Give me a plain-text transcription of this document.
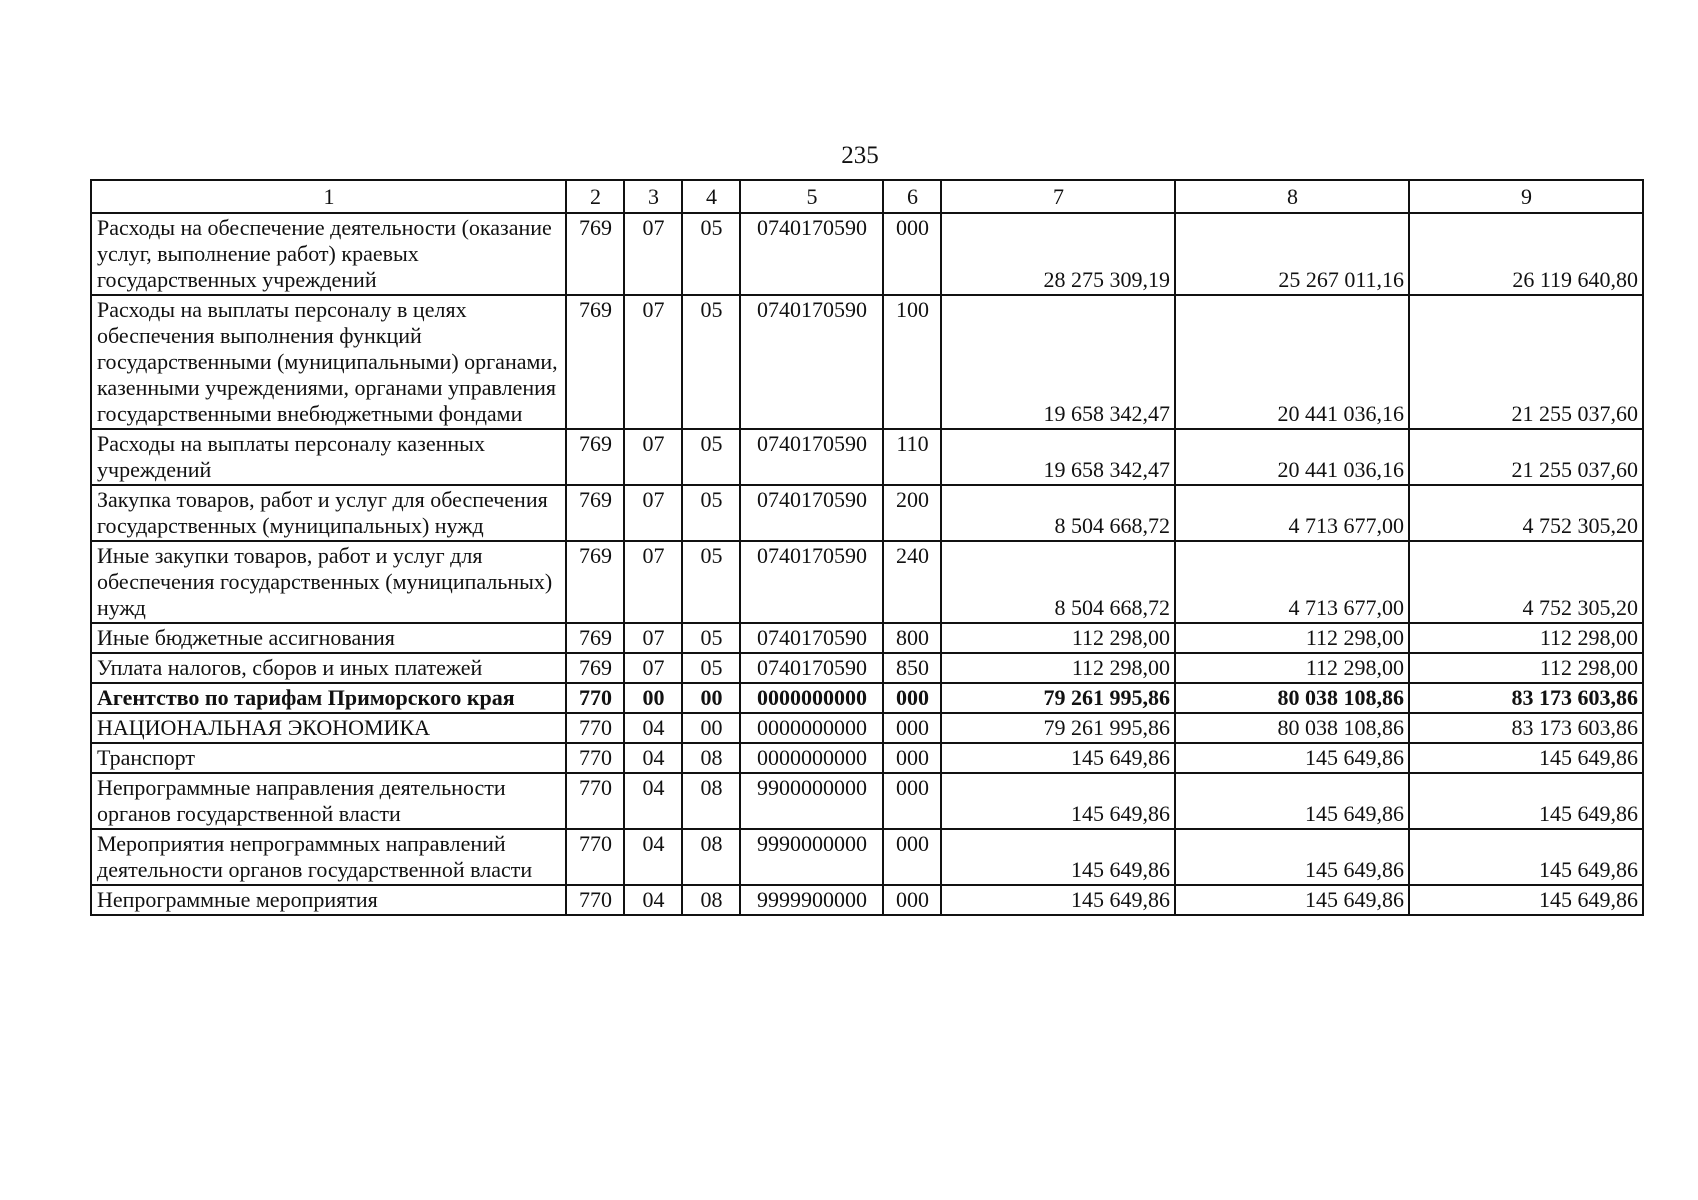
235
1	2	3	4	5	6	7	8	9
Расходы на обеспечение деятельности (оказание услуг, выполнение работ) краевых государственных учреждений	769	07	05	0740170590	000	28 275 309,19	25 267 011,16	26 119 640,80
Расходы на выплаты персоналу в целях обеспечения выполнения функций государственными (муниципальными) органами, казенными учреждениями, органами управления государственными внебюджетными фондами	769	07	05	0740170590	100	19 658 342,47	20 441 036,16	21 255 037,60
Расходы на выплаты персоналу казенных учреждений	769	07	05	0740170590	110	19 658 342,47	20 441 036,16	21 255 037,60
Закупка товаров, работ и услуг для обеспечения государственных (муниципальных) нужд	769	07	05	0740170590	200	8 504 668,72	4 713 677,00	4 752 305,20
Иные закупки товаров, работ и услуг для обеспечения государственных (муниципальных) нужд	769	07	05	0740170590	240	8 504 668,72	4 713 677,00	4 752 305,20
Иные бюджетные ассигнования	769	07	05	0740170590	800	112 298,00	112 298,00	112 298,00
Уплата налогов, сборов и иных платежей	769	07	05	0740170590	850	112 298,00	112 298,00	112 298,00
Агентство по тарифам Приморского края	770	00	00	0000000000	000	79 261 995,86	80 038 108,86	83 173 603,86
НАЦИОНАЛЬНАЯ ЭКОНОМИКА	770	04	00	0000000000	000	79 261 995,86	80 038 108,86	83 173 603,86
Транспорт	770	04	08	0000000000	000	145 649,86	145 649,86	145 649,86
Непрограммные направления деятельности органов государственной власти	770	04	08	9900000000	000	145 649,86	145 649,86	145 649,86
Мероприятия непрограммных направлений деятельности органов государственной власти	770	04	08	9990000000	000	145 649,86	145 649,86	145 649,86
Непрограммные мероприятия	770	04	08	9999900000	000	145 649,86	145 649,86	145 649,86
